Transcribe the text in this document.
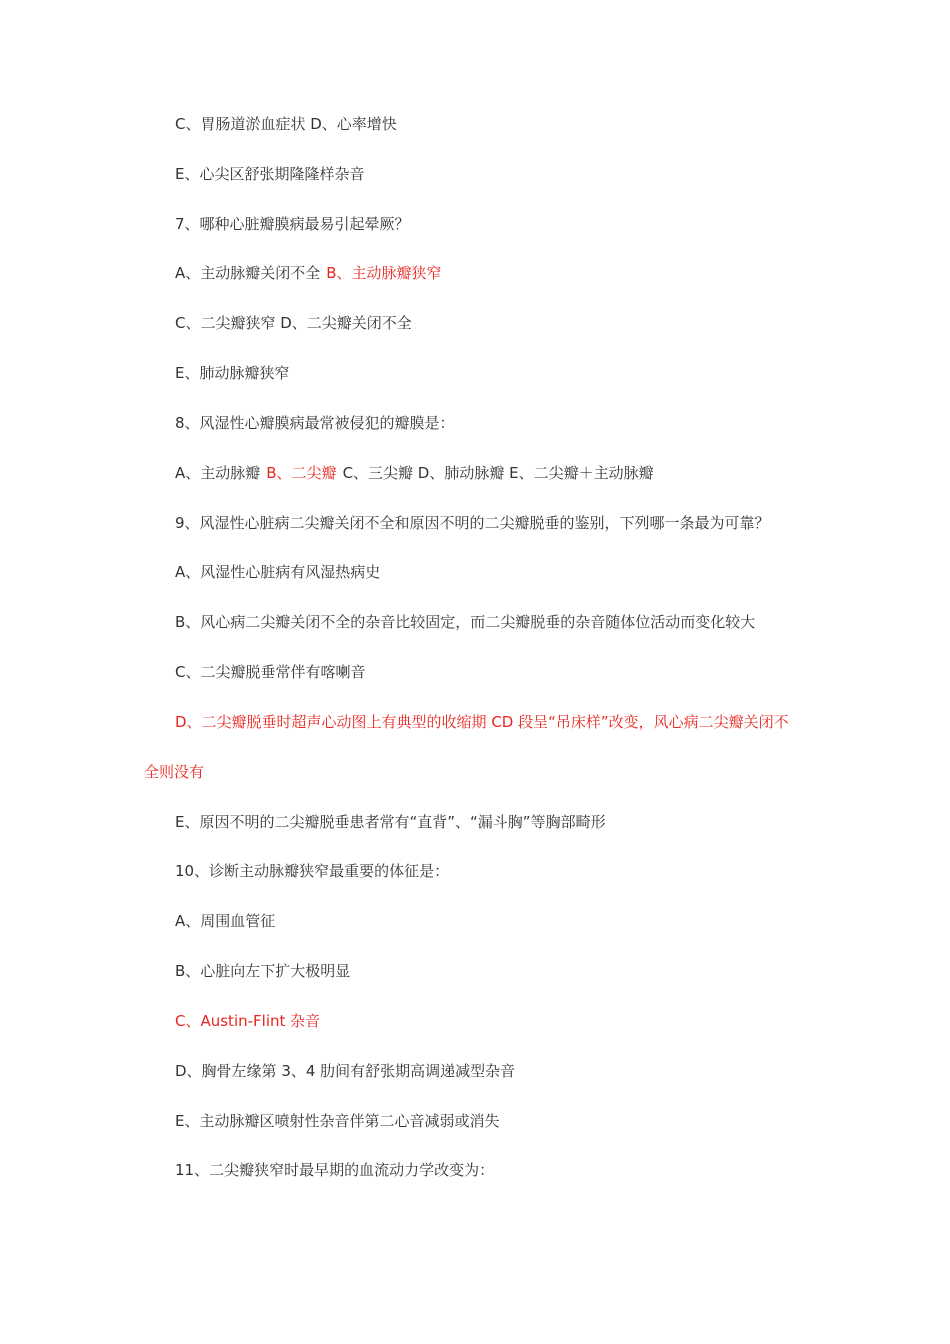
C、胃肠道淤血症状 D、心率增快
E、心尖区舒张期隆隆样杂音
7、哪种心脏瓣膜病最易引起晕厥？
A、主动脉瓣关闭不全 B、主动脉瓣狭窄
C、二尖瓣狭窄 D、二尖瓣关闭不全
E、肺动脉瓣狭窄
8、风湿性心瓣膜病最常被侵犯的瓣膜是：
A、主动脉瓣 B、二尖瓣 C、三尖瓣 D、肺动脉瓣 E、二尖瓣＋主动脉瓣
9、风湿性心脏病二尖瓣关闭不全和原因不明的二尖瓣脱垂的鉴别，下列哪一条最为可靠？
A、风湿性心脏病有风湿热病史
B、风心病二尖瓣关闭不全的杂音比较固定，而二尖瓣脱垂的杂音随体位活动而变化较大
C、二尖瓣脱垂常伴有喀喇音
D、二尖瓣脱垂时超声心动图上有典型的收缩期 CD 段呈“吊床样”改变，风心病二尖瓣关闭不
全则没有
E、原因不明的二尖瓣脱垂患者常有“直背”、“漏斗胸”等胸部畸形
10、诊断主动脉瓣狭窄最重要的体征是：
A、周围血管征
B、心脏向左下扩大极明显
C、Austin-Flint 杂音
D、胸骨左缘第 3、4 肋间有舒张期高调递减型杂音
E、主动脉瓣区喷射性杂音伴第二心音减弱或消失
11、二尖瓣狭窄时最早期的血流动力学改变为：
